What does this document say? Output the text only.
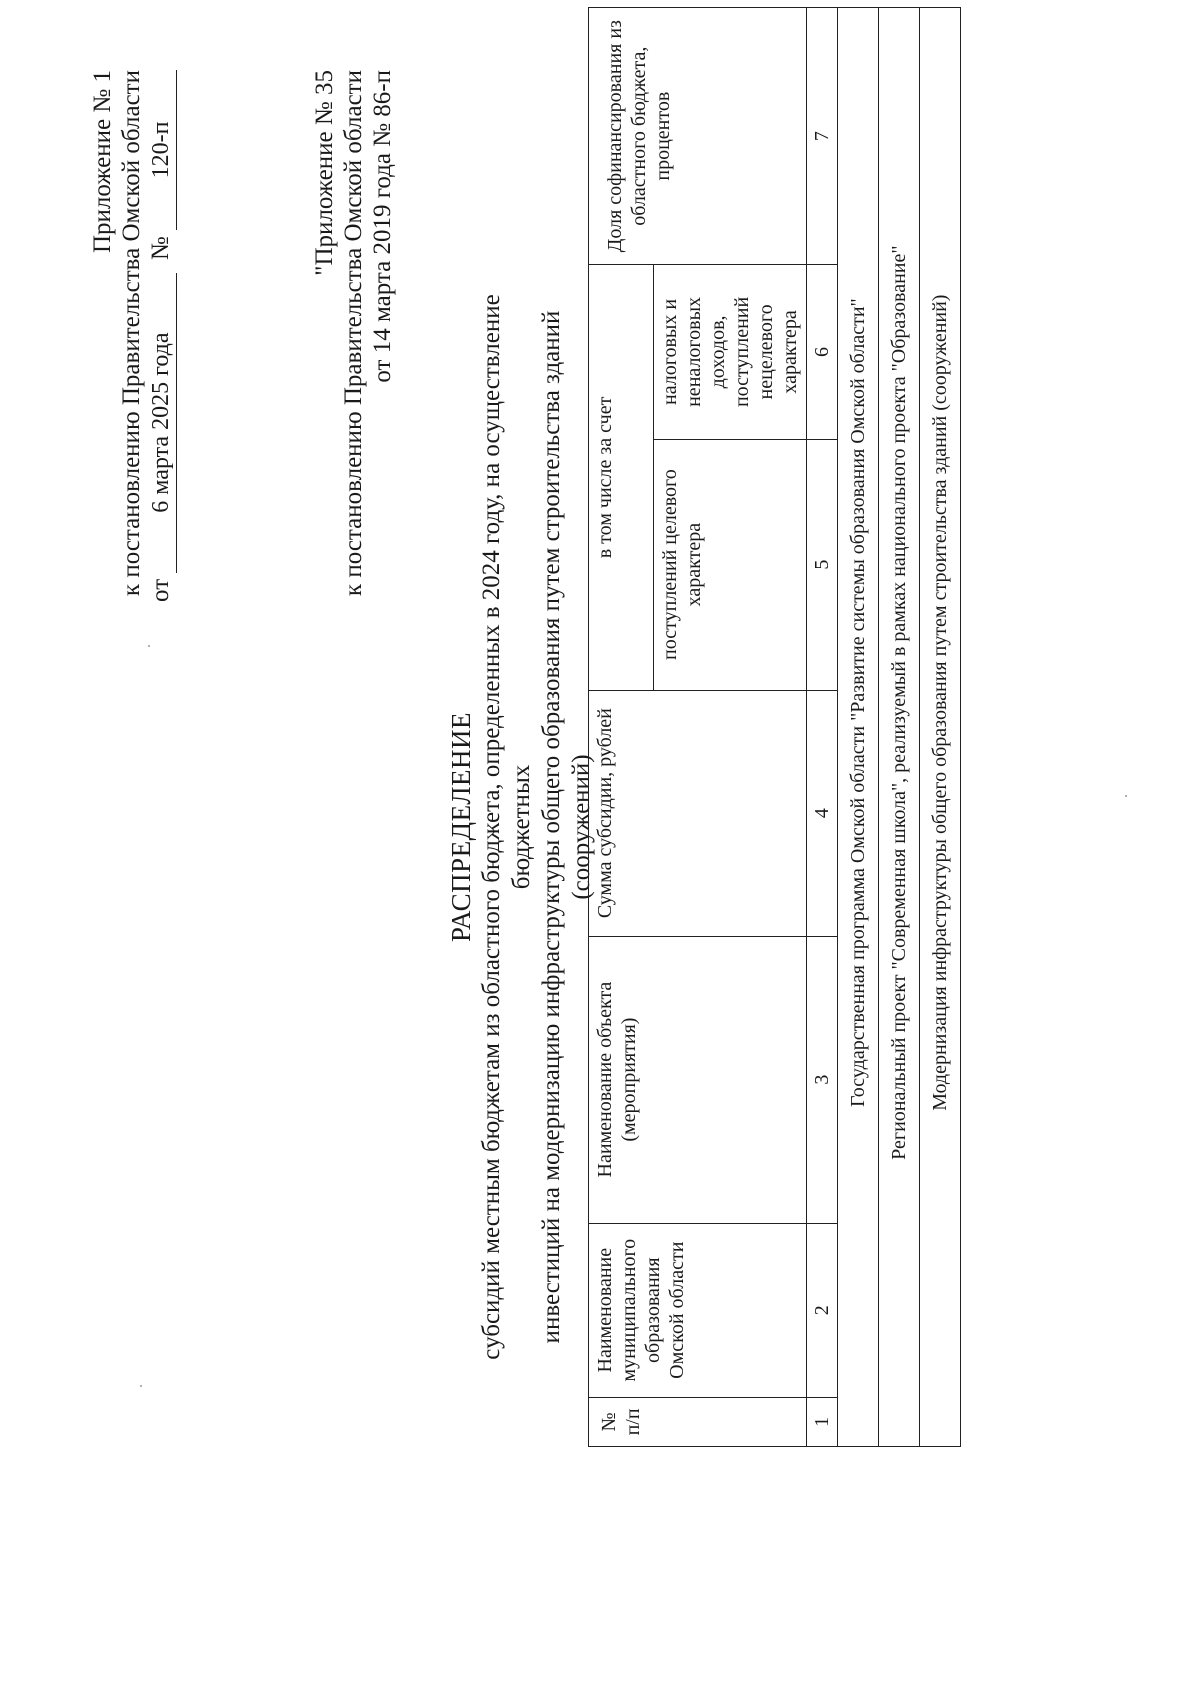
Приложение № 1 к постановлению Правительства Омской области от 6 марта 2025 года  № 120-п	"Приложение № 35 к постановлению Правительства Омской области от 14 марта 2019 года № 86-п
РАСПРЕДЕЛЕНИЕ субсидий местным бюджетам из областного бюджета, определенных в 2024 году, на осуществление бюджетных инвестиций на модернизацию инфраструктуры общего образования путем строительства зданий (сооружений)
№ п/п	Наименование муниципального образования Омской области	Наименование объекта (мероприятия)	Сумма субсидии, рублей	в том числе за счет		Доля софинансирования из областного бюджета, процентов
				поступлений целевого характера	налоговых и неналоговых доходов, поступлений нецелевого характера	
1	2	3	4	5	6	7
	Государственная программа Омской области "Развитие системы образования Омской области"					
	Региональный проект "Современная школа", реализуемый в рамках национального проекта "Образование"					
	Модернизация инфраструктуры общего образования путем строительства зданий (сооружений)					
